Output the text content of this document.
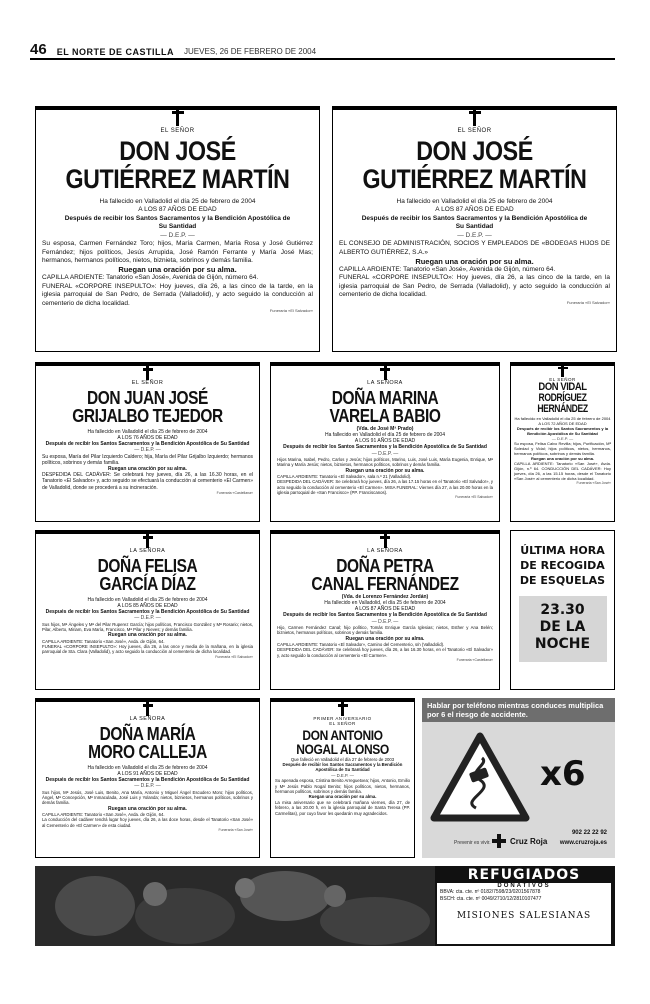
46 EL NORTE DE CASTILLA JUEVES, 26 DE FEBRERO DE 2004
EL SEÑOR
DON JOSÉ
GUTIÉRREZ MARTÍN
Ha fallecido en Valladolid el día 25 de febrero de 2004
A LOS 87 AÑOS DE EDAD
Después de recibir los Santos Sacramentos y la Bendición Apostólica de Su Santidad
— D.E.P. —
Su esposa, Carmen Fernández Toro; hijos, María Carmen, María Rosa y José Gutiérrez Fernández; hijos políticos, Jesús Arrupida, José Ramón Ferrante y María José Mas; hermanos, hermanos políticos, nietos, biznieta, sobrinos y demás familia.
Ruegan una oración por su alma.
CAPILLA ARDIENTE: Tanatorio «San José», Avenida de Gijón, número 64.
FUNERAL «CORPORE INSEPULTO»: Hoy jueves, día 26, a las cinco de la tarde, en la iglesia parroquial de San Pedro, de Serrada (Valladolid), y acto seguido la conducción al cementerio de dicha localidad.
Funeraria «El Salvador»
EL SEÑOR
DON JOSÉ
GUTIÉRREZ MARTÍN
Ha fallecido en Valladolid el día 25 de febrero de 2004
A LOS 87 AÑOS DE EDAD
Después de recibir los Santos Sacramentos y la Bendición Apostólica de Su Santidad
— D.E.P. —
EL CONSEJO DE ADMINISTRACIÓN, SOCIOS Y EMPLEADOS DE «BODEGAS HIJOS DE ALBERTO GUTIÉRREZ, S.A.»
Ruegan una oración por su alma.
CAPILLA ARDIENTE: Tanatorio «San José», Avenida de Gijón, número 64.
FUNERAL «CORPORE INSEPULTO»: Hoy jueves, día 26, a las cinco de la tarde, en la iglesia parroquial de San Pedro, de Serrada (Valladolid), y acto seguido la conducción al cementerio de dicha localidad.
Funeraria «El Salvador»
EL SEÑOR
DON JUAN JOSÉ
GRIJALBO TEJEDOR
Ha fallecido en Valladolid el día 25 de febrero de 2004
A LOS 76 AÑOS DE EDAD
Después de recibir los Santos Sacramentos y la Bendición Apostólica de Su Santidad
— D.E.P. —
Su esposa, María del Pilar Izquierdo Caldero; hija, María del Pilar Grijalbo Izquierdo; hermanos políticos, sobrinos y demás familia.
Ruegan una oración por su alma.
DESPEDIDA DEL CADÁVER: Se celebrará hoy jueves, día 26, a las 16.30 horas, en el Tanatorio «El Salvador» y, acto seguido se efectuará la conducción al cementerio «El Carmen» de Valladolid, donde se procederá a su incineración.
Funeraria «Castellana»
LA SEÑORA
DOÑA MARINA
VARELA BABIO
(Vda. de José Mª Prado)
Ha fallecido en Valladolid el día 25 de febrero de 2004
A LOS 91 AÑOS DE EDAD
Después de recibir los Santos Sacramentos y la Bendición Apostólica de Su Santidad
— D.E.P. —
Hijos Marina, Isabel, Pedro, Carlos y Jesús; hijos políticos, Marino, Luis, José Luis, María Eugenia, Enrique, Mª Marina y María Jesús; nietos, biznietos, hermanos políticos, sobrinos y demás familia.
Ruegan una oración por su alma.
CAPILLA ARDIENTE: Tanatorio «El Salvador», sala n.º 21 (Valladolid).
DESPEDIDA DEL CADÁVER: Se celebrará hoy jueves, día 26, a las 17.15 horas en el Tanatorio «El Salvador», y acto seguido la conducción al cementerio «El Carmen». MISA FUNERAL: Viernes día 27, a las 20.00 horas en la iglesia parroquial de «San Francisco» (PP. Franciscanos).
Funeraria «El Salvador»
EL SEÑOR
DON VIDAL
RODRÍGUEZ HERNÁNDEZ
Ha fallecido en Valladolid el día 25 de febrero de 2004
A LOS 72 AÑOS DE EDAD
Después de recibir los Santos Sacramentos y la Bendición Apostólica de Su Santidad
— D.E.P. —
Su esposa, Felisa Calvo Revilla; hijos, Purificación, Mª Soledad y Vidal; hijos políticos, nietos, hermanos, hermanos políticos, sobrinos y demás familia.
Ruegan una oración por su alma.
CAPILLA ARDIENTE: Tanatorio «San José», Avda. Gijón, n.º 64. CONDUCCIÓN DEL CADÁVER: Hoy jueves, día 26, a las 15.15 horas, desde el Tanatorio «San José» al cementerio de dicha localidad.
Funeraria «San José»
LA SEÑORA
DOÑA FELISA
GARCÍA DÍAZ
Ha fallecido en Valladolid el día 25 de febrero de 2004
A LOS 85 AÑOS DE EDAD
Después de recibir los Santos Sacramentos y la Bendición Apostólica de Su Santidad
— D.E.P. —
Sus hijos, Mª Ángeles y Mª del Pilar Ruperez García; hijos políticos, Francisco González y Mª Rosario; nietos, Pilar, Alberto, Miriam, Eva María, Francisco, Mª Pilar y Nieves; y demás familia.
Ruegan una oración por su alma.
CAPILLA ARDIENTE: Tanatorio «San José», Avda. de Gijón, 64.
FUNERAL «CORPORE INSEPULTO»: Hoy jueves, día 26, a las once y media de la mañana, en la iglesia parroquial de Sta. Clara (Valladolid), y acto seguido la conducción al cementerio de dicha localidad.
Funeraria «El Salvador»
LA SEÑORA
DOÑA PETRA
CANAL FERNÁNDEZ
(Vda. de Lorenzo Fernández Jordán)
Ha fallecido en Valladolid, el día 25 de febrero de 2004
A LOS 87 AÑOS DE EDAD
Después de recibir los Santos Sacramentos y la Bendición Apostólica de Su Santidad
— D.E.P. —
Hijo, Carmen Fernández Canal; hijo político, Tomás Enrique García Iglesias; nietos, Esther y Ana Belén; biznietos, hermanos políticos, sobrinos y demás familia.
Ruegan una oración por su alma.
CAPILLA ARDIENTE: Tanatorio «El Salvador», Camino del Cementerio, s/n (Valladolid).
DESPEDIDA DEL CADÁVER: Se celebrará hoy jueves, día 26, a las 16.30 horas, en el Tanatorio «El Salvador» y, acto seguido la conducción al cementerio «El Carmen».
Funeraria «Castellana»
ÚLTIMA HORA
DE RECOGIDA
DE ESQUELAS
23.30
DE LA
NOCHE
LA SEÑORA
DOÑA MARÍA
MORO CALLEJA
Ha fallecido en Valladolid el día 25 de febrero de 2004
A LOS 91 AÑOS DE EDAD
Después de recibir los Santos Sacramentos y la Bendición Apostólica de Su Santidad
— D.E.P. —
Sus hijos, Mª Jesús, José Luis, Benito, Ana María, Antonio y Miguel Ángel Escudero Moro; hijos políticos, Ángel, Mª Concepción, Mª Inmaculada, José Luis y Yolanda; nietos, biznietos, hermanos políticos, sobrinos y demás familia.
Ruegan una oración por su alma.
CAPILLA ARDIENTE: Tanatorio «San José», Avda. de Gijón, 64.
La conducción del cadáver tendrá lugar hoy jueves, día 26, a las doce horas, desde el Tanatorio «San José» al Cementerio de «El Carmen» de esta ciudad.
Funeraria «San José»
PRIMER ANIVERSARIO
EL SEÑOR
DON ANTONIO
NOGAL ALONSO
Que falleció en Valladolid el día 27 de febrero de 2003
Después de recibir los Santos Sacramentos y la Bendición Apostólica de Su Santidad
— D.E.P. —
Su apenada esposa, Cristina Benito Arreguetxea; hijos, Antonio, Emilio y Mª Jesús Pablo Nogal Benito; hijos políticos, nietos, hermanos, hermanos políticos, sobrinos y demás familia.
Ruegan una oración por su alma.
La misa aniversario que se celebrará mañana viernes, día 27, de febrero, a las 20.00 h, en la iglesia parroquial de Santa Teresa (PP. Carmelitas), por cuyo favor les quedarán muy agradecidos.
Hablar por teléfono mientras conduces multiplica por 6 el riesgo de accidente.
x6
Prevenir es vivir. Cruz Roja
902 22 22 92
www.cruzroja.es
REFUGIADOS
DONATIVOS
BBVA: cta. cte. nº 0182/7598/23/0201567878
BSCH: cta. cte. nº 0049/2710/12/2810107477
MISIONES SALESIANAS
